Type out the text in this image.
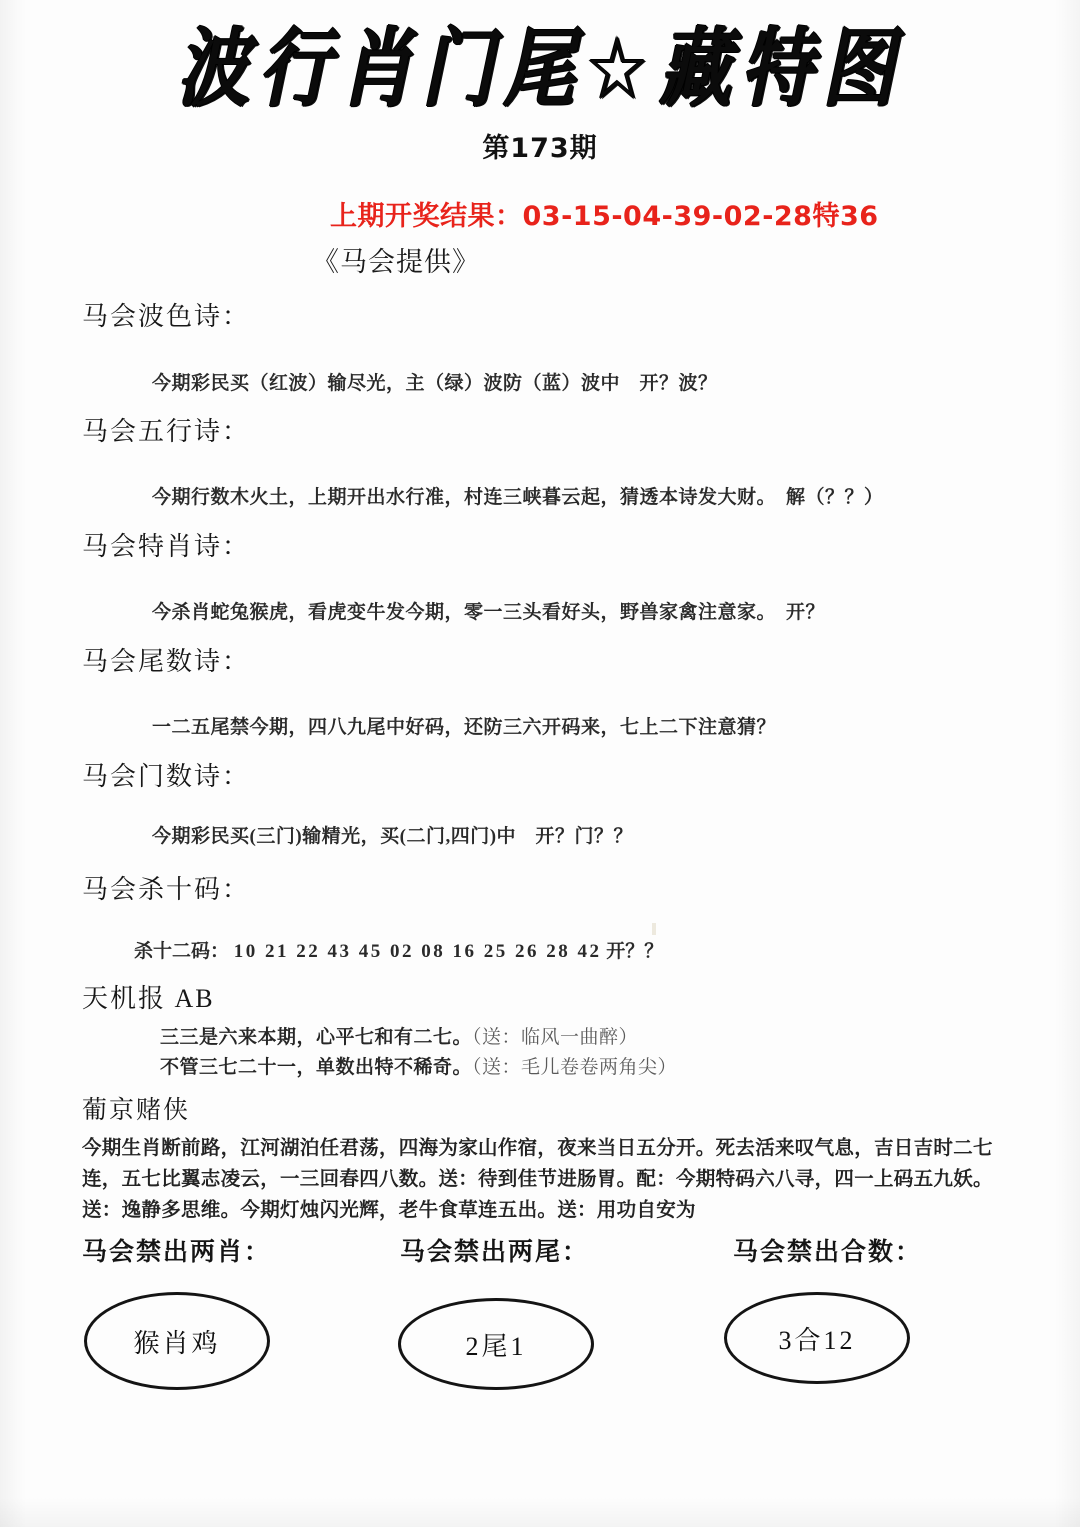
波行肖门尾☆藏特图
第173期
上期开奖结果：03-15-04-39-02-28特36
《马会提供》
马会波色诗：
今期彩民买（红波）输尽光，主（绿）波防（蓝）波中　开？波？
马会五行诗：
今期行数木火土，上期开出水行准，村连三峡暮云起，猜透本诗发大财。　解（？？）
马会特肖诗：
今杀肖蛇兔猴虎，看虎变牛发今期，零一三头看好头，野兽家禽注意家。　开？
马会尾数诗：
一二五尾禁今期，四八九尾中好码，还防三六开码来，七上二下注意猜？
马会门数诗：
今期彩民买(三门)输精光，买(二门,四门)中　开？门？？
马会杀十码：
杀十二码： 10 21 22 43 45 02 08 16 25 26 28 42 开？？
天机报 AB
三三是六来本期，心平七和有二七。（送：临风一曲醉）
不管三七二十一，单数出特不稀奇。（送：毛儿卷卷两角尖）
葡京赌侠
今期生肖断前路，江河湖泊任君荡，四海为家山作宿，夜来当日五分开。死去活来叹气息，吉日吉时二七
连，五七比翼志凌云，一三回春四八数。送：待到佳节进肠胃。配：今期特码六八寻，四一上码五九妖。
送：逸静多思维。今期灯烛闪光辉，老牛食草连五出。送：用功自安为
马会禁出两肖：	马会禁出两尾：	马会禁出合数：
猴肖鸡	2尾1	3合12
